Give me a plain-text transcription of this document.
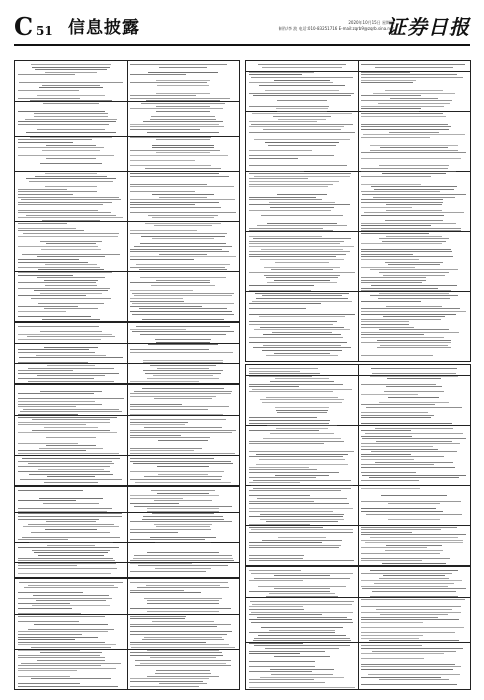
C 51 信息披露	2020年10月15日 星期四
制作/李 波 电话:010-83251716 E-mail:zqrb9@zqrb.sina.net
证券日报
